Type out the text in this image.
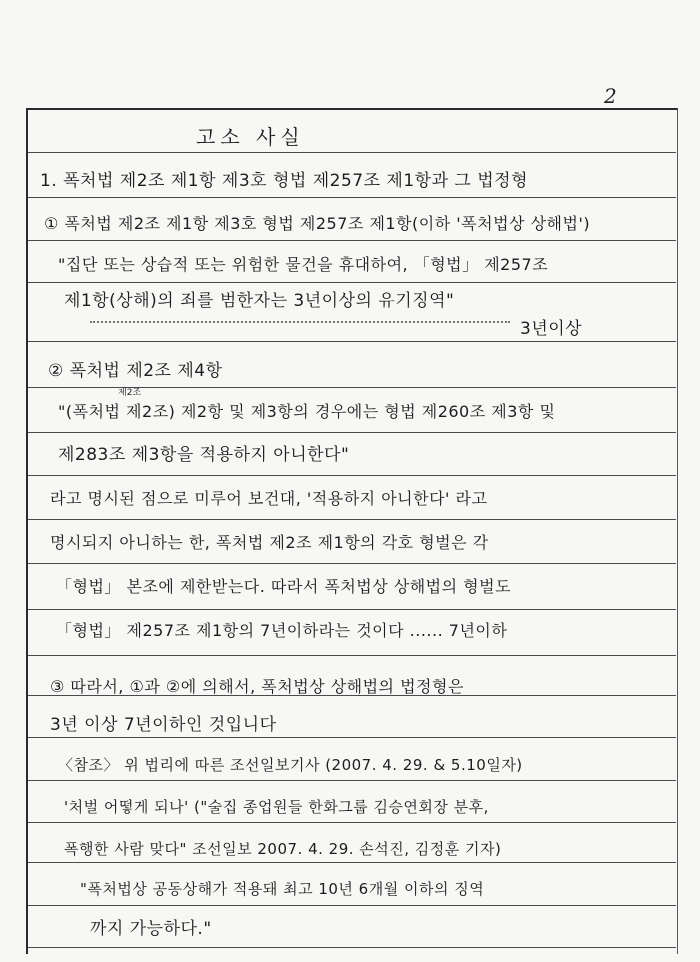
2
고소 사실
1. 폭처법 제2조 제1항 제3호 형법 제257조 제1항과 그 법정형
① 폭처법 제2조 제1항 제3호 형법 제257조 제1항(이하 '폭처법상 상해법')
"집단 또는 상습적 또는 위험한 물건을 휴대하여, 「형법」 제257조
제1항(상해)의 죄를 범한자는 3년이상의 유기징역"
3년이상
② 폭처법 제2조 제4항
제2조
"(폭처법 제2조) 제2항 및 제3항의 경우에는 형법 제260조 제3항 및
제283조 제3항을 적용하지 아니한다"
라고 명시된 점으로 미루어 보건대, '적용하지 아니한다' 라고
명시되지 아니하는 한, 폭처법 제2조 제1항의 각호 형벌은 각
「형법」 본조에 제한받는다. 따라서 폭처법상 상해법의 형벌도
「형법」 제257조 제1항의 7년이하라는 것이다 ...... 7년이하
③ 따라서, ①과 ②에 의해서, 폭처법상 상해법의 법정형은
3년 이상 7년이하인 것입니다
〈참조〉 위 법리에 따른 조선일보기사 (2007. 4. 29. & 5.10일자)
'처벌 어떻게 되나' ("술집 종업원들 한화그룹 김승연회장 분후,
폭행한 사람 맞다" 조선일보 2007. 4. 29. 손석진, 김정훈 기자)
"폭처법상 공동상해가 적용돼 최고 10년 6개월 이하의 징역
까지 가능하다."
